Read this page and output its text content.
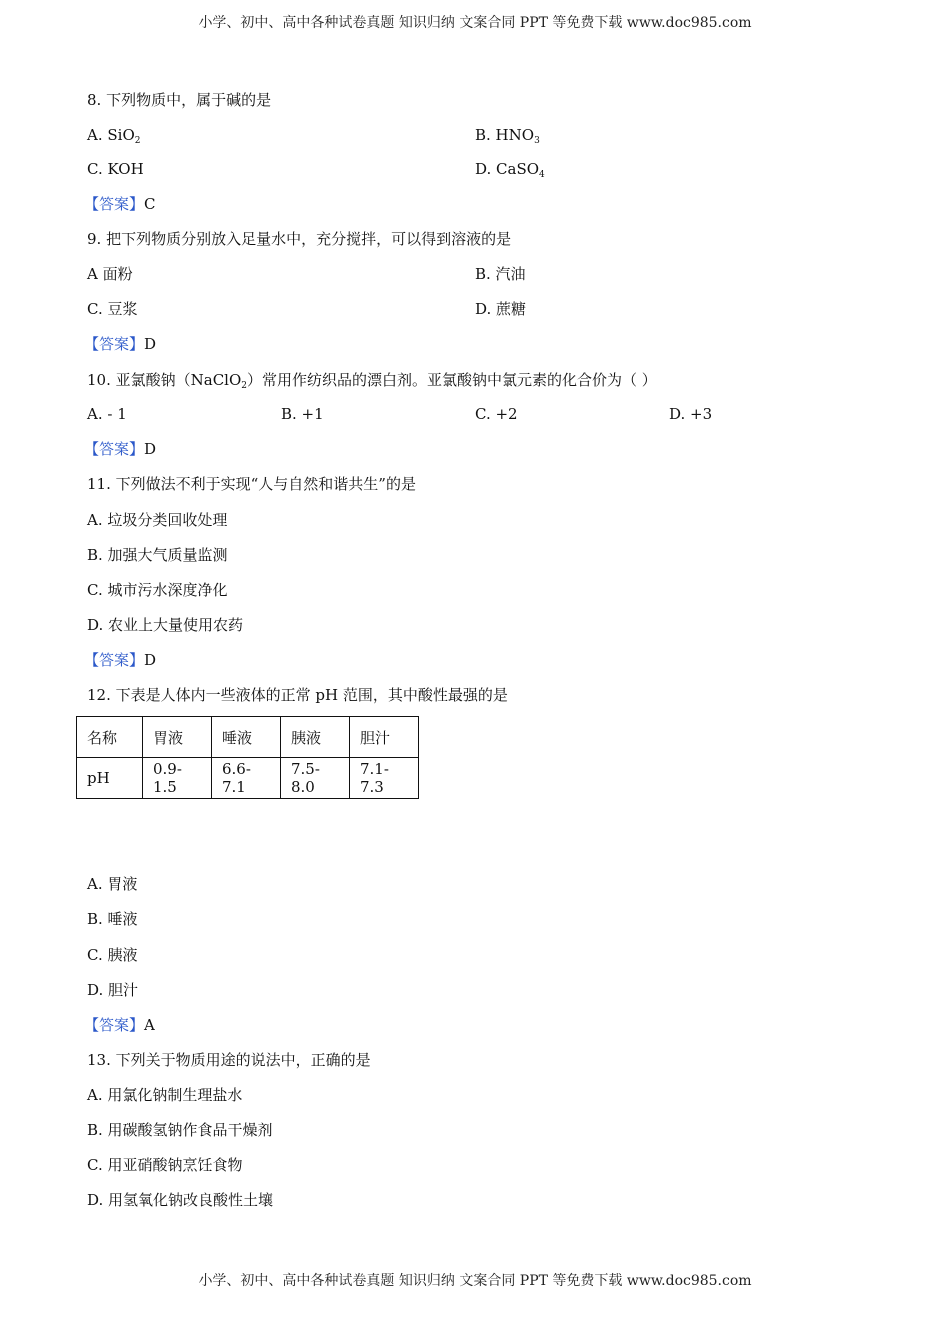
小学、初中、高中各种试卷真题 知识归纳 文案合同 PPT 等免费下载 www.doc985.com
8. 下列物质中，属于碱的是
A. SiO$_2$	B. $HNO_3$
C. KOH	D. CaSO$_4$
【答案】C
9. 把下列物质分别放入足量水中，充分搅拌，可以得到溶液的是
A 面粉	B. 汽油
C. 豆浆	D. 蔗糖
【答案】D
10. 亚氯酸钠（NaClO$_2$）常用作纺织品的漂白剂。亚氯酸钠中氯元素的化合价为（ ）
A. - 1	B. +1	C. +2	D. +3
【答案】D
11. 下列做法不利于实现“人与自然和谐共生”的是
A. 垃圾分类回收处理
B. 加强大气质量监测
C. 城市污水深度净化
D. 农业上大量使用农药
【答案】D
12. 下表是人体内一些液体的正常 pH 范围，其中酸性最强的是
名称	胃液	唾液	胰液	胆汁
pH	0.9-1.5	6.6-7.1	7.5-8.0	7.1-7.3
A. 胃液
B. 唾液
C. 胰液
D. 胆汁
【答案】A
13. 下列关于物质用途的说法中，正确的是
A. 用氯化钠制生理盐水
B. 用碳酸氢钠作食品干燥剂
C. 用亚硝酸钠烹饪食物
D. 用氢氧化钠改良酸性土壤
小学、初中、高中各种试卷真题 知识归纳 文案合同 PPT 等免费下载 www.doc985.com
